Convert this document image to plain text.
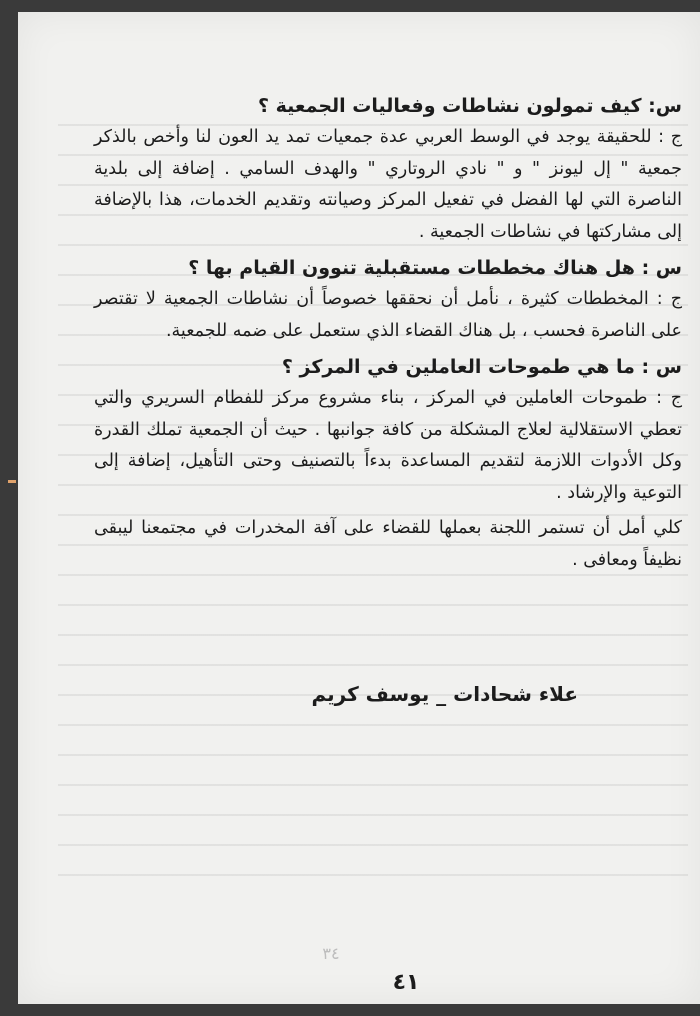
س: كيف تمولون نشاطات وفعاليات الجمعية ؟

ج : للحقيقة يوجد في الوسط العربي عدة جمعيات تمد يد العون لنا وأخص بالذكر جمعية " إل ليونز " و " نادي الروتاري " والهدف السامي . إضافة إلى بلدية الناصرة التي لها الفضل في تفعيل المركز وصيانته وتقديم الخدمات، هذا بالإضافة إلى مشاركتها في نشاطات الجمعية .

س : هل هناك مخططات مستقبلية تنوون القيام بها ؟

ج : المخططات كثيرة ، نأمل أن نحققها خصوصاً أن نشاطات الجمعية لا تقتصر على الناصرة فحسب ، بل هناك القضاء الذي ستعمل على ضمه للجمعية.

س : ما هي طموحات العاملين في المركز ؟

ج : طموحات العاملين في المركز ، بناء مشروع مركز للفطام السريري والتي تعطي الاستقلالية لعلاج المشكلة من كافة جوانبها . حيث أن الجمعية تملك القدرة وكل الأدوات اللازمة لتقديم المساعدة بدءاً بالتصنيف وحتى التأهيل، إضافة إلى التوعية والإرشاد .

كلي أمل أن تستمر اللجنة بعملها للقضاء على آفة المخدرات في مجتمعنا ليبقى نظيفاً ومعافى .

علاء شحادات _ يوسف كريم
٣٤
٤١
